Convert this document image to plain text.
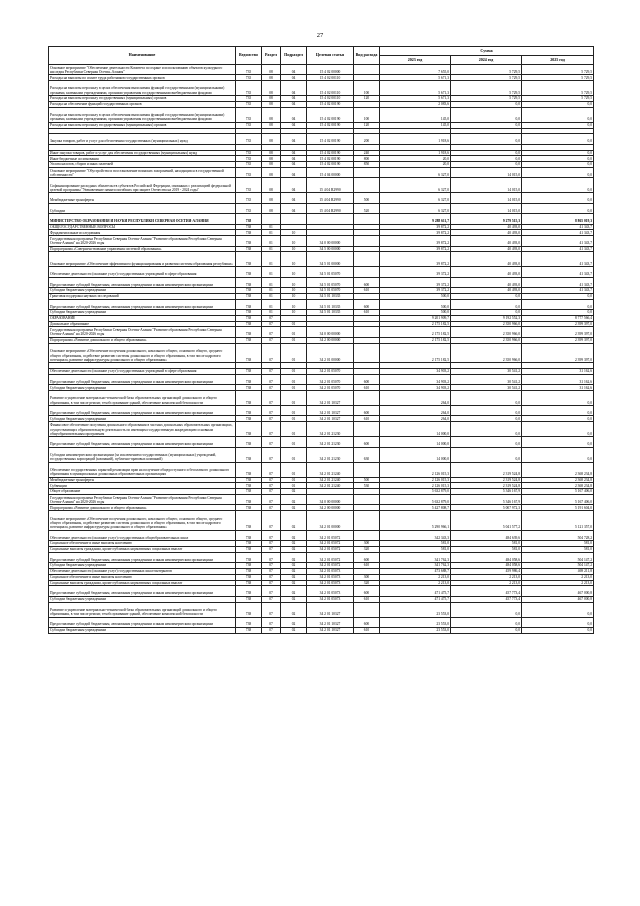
27
Наименование	Ведомство	Раздел	Подраздел	Целевая статья	Вид расхода	Сумма		
						2023 год	2024 год	2025 год
Основное мероприятие "Обеспечение деятельности Комитета по охране и использованию объектов культурного наследия Республики Северная Осетия–Алания"	735	08	04	15 4 02 00000		7 655,0	5 729,5	5 729,5
Расходы на выплаты по оплате труда работников государственных органов	735	08	04	15 4 02 00110		5 671,3	5 729,5	5 729,5
Расходы на выплаты персоналу в целях обеспечения выполнения функций государственными (муниципальными) органами, казенными учреждениями, органами управления государственными внебюджетными фондами	735	08	04	15 4 02 00110	100	5 671,3	5 729,5	5 729,5
Расходы на выплаты персоналу государственных (муниципальных) органов	735	08	04	15 4 02 00110	120	5 671,3	5 729,5	5 729,5
Расходы на обеспечение функций государственных органов	735	08	04	15 4 02 00190		2 083,6	0,0	0,0
Расходы на выплаты персоналу в целях обеспечения выполнения функций государственными (муниципальными) органами, казенными учреждениями, органами управления государственными внебюджетными фондами	735	08	04	15 4 02 00190	100	145,0	0,0	0,0
Расходы на выплаты персоналу государственных (муниципальных) органов	735	08	04	15 4 02 00190	120	145,0	0,0	0,0

Закупка товаров, работ и услуг для обеспечения государственных (муниципальных) нужд	735	08	04	15 4 02 00190	200	1 918,6	0,0	0,0

Иные закупки товаров, работ и услуг для обеспечения государственных (муниципальных) нужд	735	08	04	15 4 02 00190	240	1 918,6	0,0	0,0
Иные бюджетные ассигнования	735	08	04	15 4 02 00190	800	20,0	0,0	0,0
Уплата налогов, сборов и иных платежей	735	08	04	15 4 02 00190	850	20,0	0,0	0,0
Основное мероприятие "Обустройство и восстановление воинских захоронений, находящихся в государственной собственности"	735	08	04	15 4 04 00000		6 327,0	14 015,0	0,0
Софинансирование расходных обязательств субъектов Российской Федерации, связанных с реализацией федеральной целевой программы "Увековечение памяти погибших при защите Отечества на 2019 - 2024 годы"	735	08	04	15 4 04 R2990		6 327,0	14 015,0	0,0
Межбюджетные трансферты	735	08	04	15 4 04 R2990	500	6 327,0	14 015,0	0,0
Субсидии	735	08	04	15 4 04 R2990	520	6 327,0	14 015,0	0,0
МИНИСТЕРСТВО ОБРАЗОВАНИЯ И НАУКИ РЕСПУБЛИКИ СЕВЕРНАЯ ОСЕТИЯ-АЛАНИЯ	738					9 288 611,7	9 279 515,3	8 865 019,3
ОБЩЕГОСУДАРСТВЕННЫЕ ВОПРОСЫ	738	01				39 872,2	40 493,0	41 343,7
Фундаментальные исследования	738	01	10			39 872,2	40 493,0	41 343,7
Государственная программа Республики Северная Осетия-Алания "Развитие образования Республики Северная Осетия-Алания" на 2020-2026 годы	738	01	10	34 0 00 00000		39 872,2	40 493,0	41 343,7
Подпрограмма «Совершенствование управления системой образования»	738	01	10	34 5 00 00000		39 872,2	40 493,0	41 343,7
Основное мероприятие «Обеспечение эффективного функционирования и развития системы образования республики»	738	01	10	34 5 01 00000		39 872,2	40 493,0	41 343,7
Обеспечение деятельности (оказание услуг) государственных учреждений в сфере образования	738	01	10	34 5 01 05070		39 372,2	40 493,0	41 343,7
Предоставление субсидий бюджетным, автономным учреждениям и иным некоммерческим организациям	738	01	10	34 5 01 05070	600	39 372,2	40 493,0	41 343,7
Субсидии бюджетным учреждениям	738	01	10	34 5 01 05070	610	39 372,2	40 493,0	41 343,7
Грантовая поддержка научных исследований	738	01	10	34 5 01 10335		500,0	0,0	0,0
Предоставление субсидий бюджетным, автономным учреждениям и иным некоммерческим организациям	738	01	10	34 5 01 10335	600	500,0	0,0	0,0
Субсидии бюджетным учреждениям	738	01	10	34 5 01 10335	610	500,0	0,0	0,0
ОБРАЗОВАНИЕ	738	07				9 201 909,7	9 192 552,3	8 777 566,4
Дошкольное образование	738	07	01			2 175 182,5	2 350 966,0	2 399 397,0
Государственная программа Республики Северная Осетия-Алания "Развитие образования Республики Северная Осетия-Алания" на 2020-2026 годы	738	07	01	34 0 00 00000		2 175 182,5	2 350 966,0	2 399 397,0
Подпрограмма «Развитие дошкольного и общего образования»	738	07	01	34 2 00 00000		2 175 182,5	2 350 966,0	2 399 397,0
Основное мероприятие «Обеспечение получения дошкольного, начального общего, основного общего, среднего общего образования, содействие развитию системы дошкольного и общего образования, в том числе кадрового потенциала, развитие инфраструктуры дошкольного и общего образования»	738	07	01	34 2 01 00000		2 175 182,5	2 350 966,0	2 399 397,0

Обеспечение деятельности (оказание услуг) государственных учреждений в сфере образования	738	07	01	34 2 01 05070		34 903,2	30 541,2	31 162,6
Предоставление субсидий бюджетным, автономным учреждениям и иным некоммерческим организациям	738	07	01	34 2 01 05070	600	34 903,2	30 541,2	31 162,6
Субсидии бюджетным учреждениям	738	07	01	34 2 01 05070	610	34 903,2	30 541,2	31 162,6
Развитие и укрепление материально-технической базы образовательных организаций дошкольного и общего образования, в том числе ремонт, техобслуживание зданий, обеспечение комплексной безопасности	738	07	01	34 2 01 10327		264,0	0,0	0,0
Предоставление субсидий бюджетным, автономным учреждениям и иным некоммерческим организациям	738	07	01	34 2 01 10327	600	264,0	0,0	0,0
Субсидии бюджетным учреждениям	738	07	01	34 2 01 10327	610	264,0	0,0	0,0
Финансовое обеспечение получения дошкольного образования в частных дошкольных образовательных организациях, осуществляющих образовательную деятельность по имеющим государственную аккредитацию основным общеобразовательным программам	738	07	01	34 2 01 21230		14 000,0	0,0	0,0
Предоставление субсидий бюджетным, автономным учреждениям и иным некоммерческим организациям	738	07	01	34 2 01 21230	600	14 000,0	0,0	0,0
Субсидии некоммерческим организациям (за исключением государственных (муниципальных) учреждений, государственных корпораций (компаний), публично-правовых компаний)	738	07	01	34 2 01 21230	630	14 000,0	0,0	0,0
Обеспечение государственных гарантий реализации прав на получение общедоступного и бесплатного дошкольного образования в муниципальных дошкольных образовательных организациях	738	07	01	34 2 01 21240		2 126 015,3	2 319 524,8	2 368 234,8
Межбюджетные трансферты	738	07	01	34 2 01 21240	500	2 126 015,3	2 319 524,8	2 368 234,8
Субвенции	738	07	01	34 2 01 21240	530	2 126 015,3	2 319 524,8	2 368 234,8
Общее образование	738	07	02			5 632 879,0	5 346 167,9	5 167 406,0
Государственная программа Республики Северная Осетия-Алания "Развитие образования Республики Северная Осетия-Алания" на 2020-2026 годы	738	07	02	34 0 00 00000		5 632 879,0	5 346 167,9	5 167 406,0
Подпрограмма «Развитие дошкольного и общего образования»	738	07	02	34 2 00 00000		5 427 808,7	5 007 972,3	5 191 604,0
Основное мероприятие «Обеспечение получения дошкольного, начального общего, основного общего, среднего общего образования, содействие развитию системы дошкольного и общего образования, в том числе кадрового потенциала, развитие инфраструктуры дошкольного и общего образования»	738	07	02	34 2 01 00000		5 290 966,1	5 041 577,2	5 121 357,0
Обеспечение деятельности (оказание услуг) государственных общеобразовательных школ	738	07	02	34 2 01 05072		342 343,3	484 639,6	504 728,2
Социальное обеспечение и иные выплаты населению	738	07	02	34 2 01 05072	300	581,0	581,0	581,0
Социальные выплаты гражданам, кроме публичных нормативных социальных выплат	738	07	02	34 2 01 05072	320	581,0	581,0	581,0
Предоставление субсидий бюджетным, автономным учреждениям и иным некоммерческим организациям	738	07	02	34 2 01 05072	600	341 762,3	484 058,6	504 147,2
Субсидии бюджетным учреждениям	738	07	02	34 2 01 05072	610	341 762,3	484 058,6	504 147,2
Обеспечение деятельности (оказание услуг) государственных школ-интернатов	738	07	02	34 2 01 05073		473 688,7	459 986,4	469 211,8
Социальное обеспечение и иные выплаты населению	738	07	02	34 2 01 05073	300	2 213,0	2 213,0	2 213,0
Социальные выплаты гражданам, кроме публичных нормативных социальных выплат	738	07	02	34 2 01 05073	320	2 213,0	2 213,0	2 213,0
Предоставление субсидий бюджетным, автономным учреждениям и иным некоммерческим организациям	738	07	02	34 2 01 05073	600	471 475,7	457 773,4	467 000,8
Субсидии бюджетным учреждениям	738	07	02	34 2 01 05073	610	471 475,7	457 773,4	467 000,8
Развитие и укрепление материально-технической базы образовательных организаций дошкольного и общего образования, в том числе ремонт, техобслуживание зданий, обеспечение комплексной безопасности	738	07	02	34 2 01 10327		23 553,0	0,0	0,0
Предоставление субсидий бюджетным, автономным учреждениям и иным некоммерческим организациям	738	07	02	34 2 01 10327	600	23 553,0	0,0	0,0
Субсидии бюджетным учреждениям	738	07	02	34 2 01 10327	610	23 553,0	0,0	0,0
